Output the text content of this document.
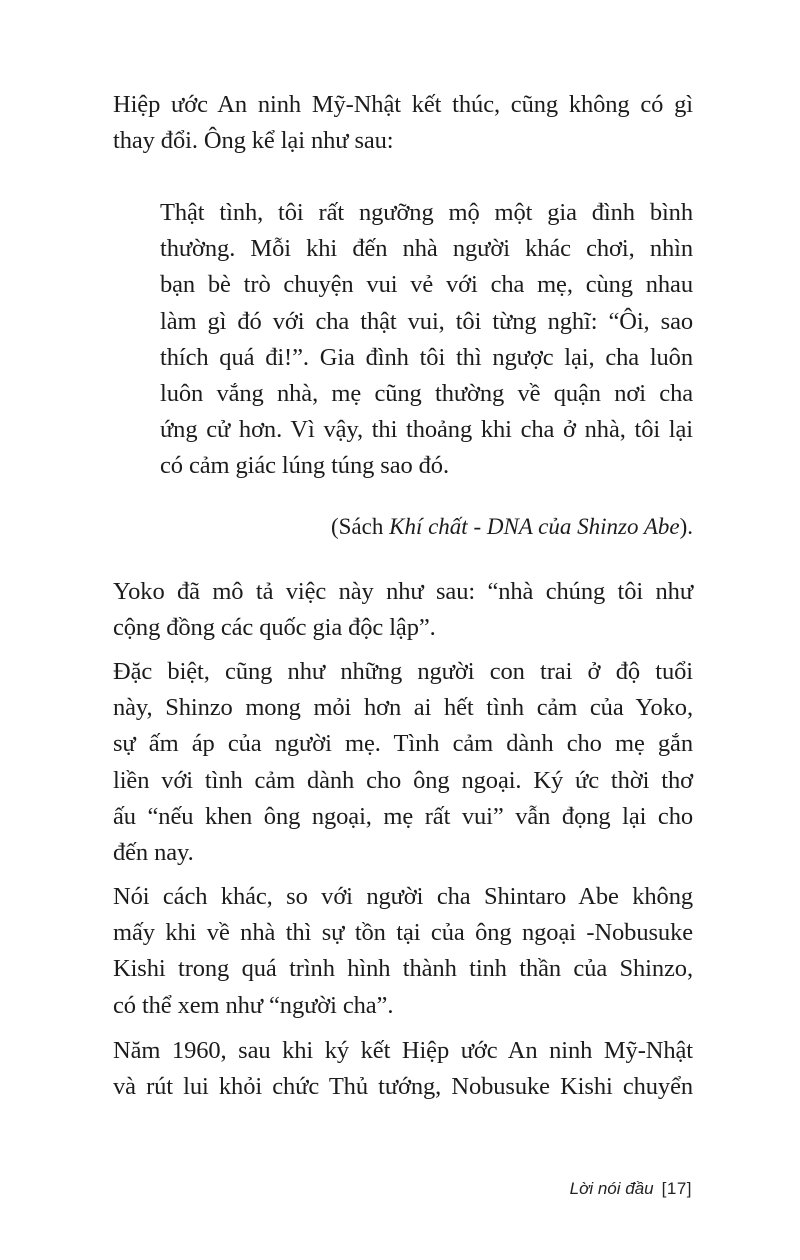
Hiệp ước An ninh Mỹ-Nhật kết thúc, cũng không có gì
thay đổi. Ông kể lại như sau:
Thật tình, tôi rất ngưỡng mộ một gia đình bình
thường. Mỗi khi đến nhà người khác chơi, nhìn
bạn bè trò chuyện vui vẻ với cha mẹ, cùng nhau
làm gì đó với cha thật vui, tôi từng nghĩ: “Ôi, sao
thích quá đi!”. Gia đình tôi thì ngược lại, cha luôn
luôn vắng nhà, mẹ cũng thường về quận nơi cha
ứng cử hơn. Vì vậy, thi thoảng khi cha ở nhà, tôi lại
có cảm giác lúng túng sao đó.

(Sách Khí chất - DNA của Shinzo Abe).

Yoko đã mô tả việc này như sau: “nhà chúng tôi như
cộng đồng các quốc gia độc lập”.
Đặc biệt, cũng như những người con trai ở độ tuổi
này, Shinzo mong mỏi hơn ai hết tình cảm của Yoko,
sự ấm áp của người mẹ. Tình cảm dành cho mẹ gắn
liền với tình cảm dành cho ông ngoại. Ký ức thời thơ
ấu “nếu khen ông ngoại, mẹ rất vui” vẫn đọng lại cho
đến nay.
Nói cách khác, so với người cha Shintaro Abe không
mấy khi về nhà thì sự tồn tại của ông ngoại -Nobusuke
Kishi trong quá trình hình thành tinh thần của Shinzo,
có thể xem như “người cha”.
Năm 1960, sau khi ký kết Hiệp ước An ninh Mỹ-Nhật
và rút lui khỏi chức Thủ tướng, Nobusuke Kishi chuyển
Lời nói đầu [17]
